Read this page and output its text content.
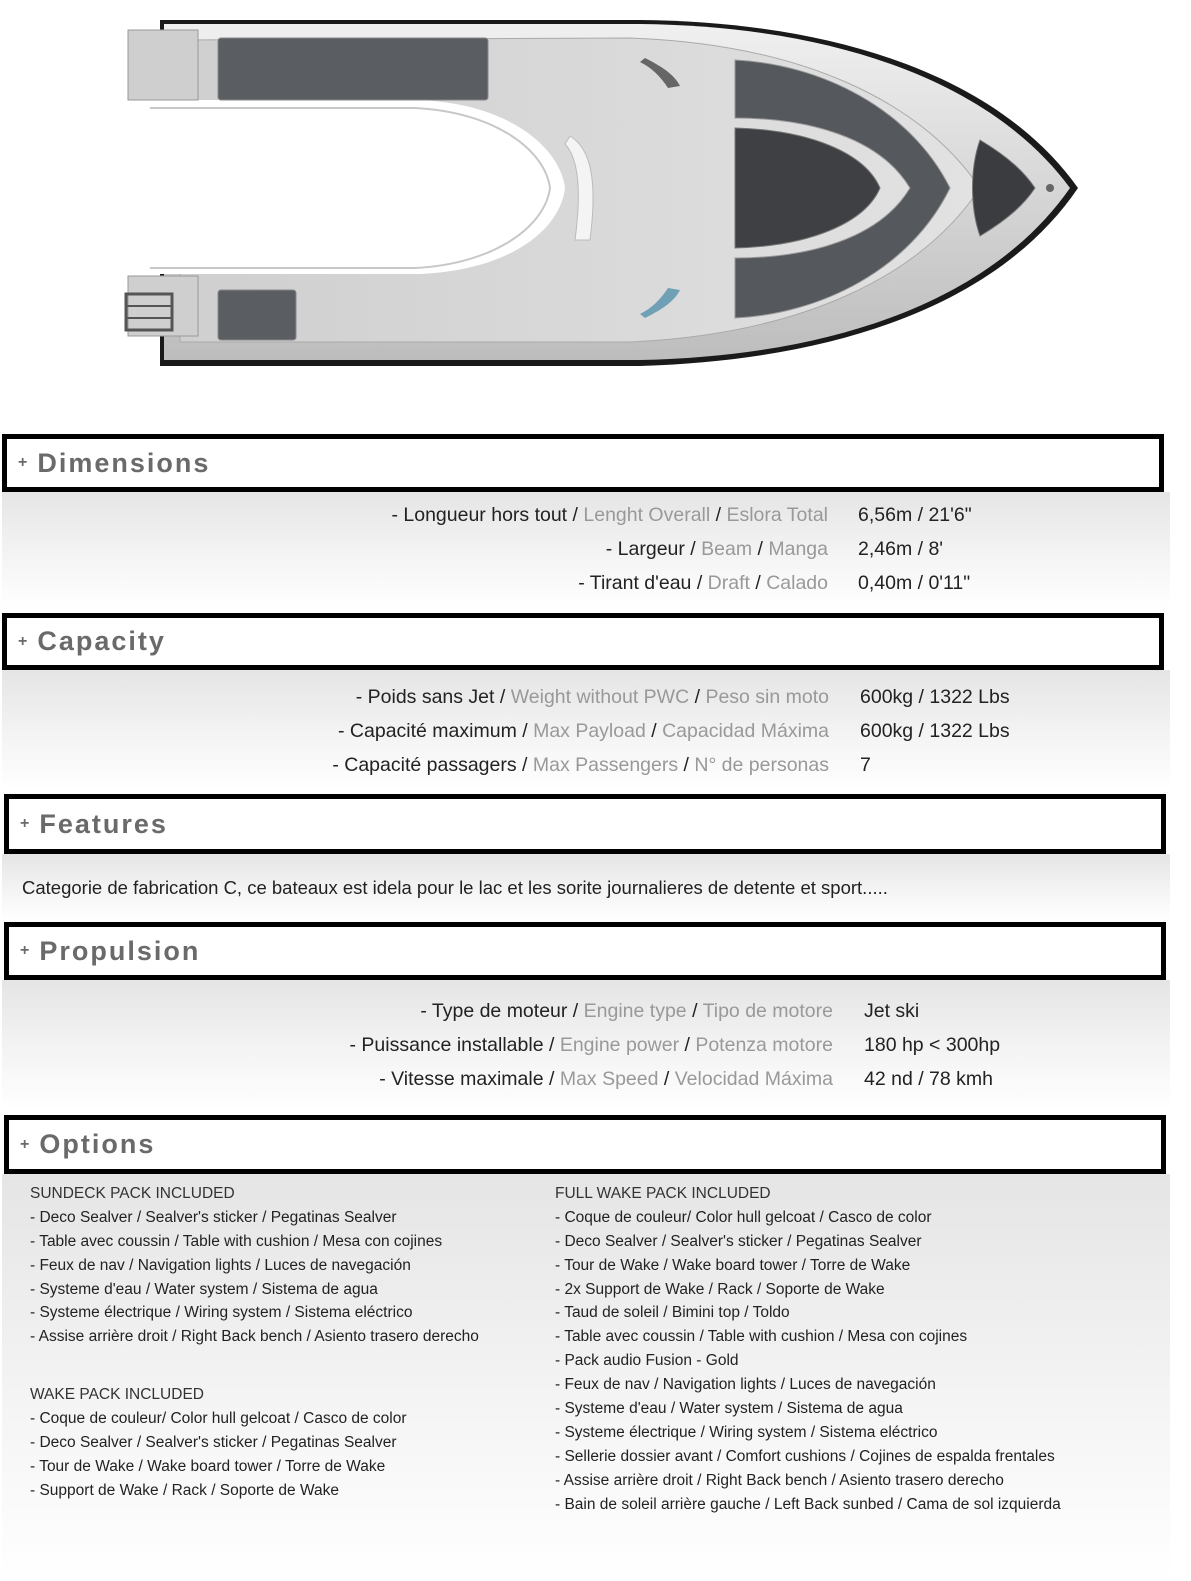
+ Dimensions
- Longueur hors tout / Lenght Overall / Eslora Total 6,56m / 21'6"
- Largeur / Beam / Manga 2,46m / 8'
- Tirant d'eau / Draft / Calado 0,40m / 0'11"
+ Capacity
- Poids sans Jet / Weight without PWC / Peso sin moto 600kg / 1322 Lbs
- Capacité maximum / Max Payload / Capacidad Máxima 600kg / 1322 Lbs
- Capacité passagers / Max Passengers / N° de personas 7
+ Features
Categorie de fabrication C, ce bateaux est idela pour le lac et les sorite journalieres de detente et sport.....
+ Propulsion
- Type de moteur / Engine type / Tipo de motore Jet ski
- Puissance installable / Engine power / Potenza motore 180 hp < 300hp
- Vitesse maximale / Max Speed / Velocidad Máxima 42 nd / 78 kmh
+ Options
SUNDECK PACK INCLUDED
- Deco Sealver / Sealver's sticker / Pegatinas Sealver
- Table avec coussin / Table with cushion / Mesa con cojines
- Feux de nav / Navigation lights / Luces de navegación
- Systeme d'eau / Water system / Sistema de agua
- Systeme électrique / Wiring system / Sistema eléctrico
- Assise arrière droit / Right Back bench / Asiento trasero derecho
WAKE PACK INCLUDED
- Coque de couleur/ Color hull gelcoat / Casco de color
- Deco Sealver / Sealver's sticker / Pegatinas Sealver
- Tour de Wake / Wake board tower / Torre de Wake
- Support de Wake / Rack / Soporte de Wake
FULL WAKE PACK INCLUDED
- Coque de couleur/ Color hull gelcoat / Casco de color
- Deco Sealver / Sealver's sticker / Pegatinas Sealver
- Tour de Wake / Wake board tower / Torre de Wake
- 2x Support de Wake / Rack / Soporte de Wake
- Taud de soleil / Bimini top / Toldo
- Table avec coussin / Table with cushion / Mesa con cojines
- Pack audio Fusion - Gold
- Feux de nav / Navigation lights / Luces de navegación
- Systeme d'eau / Water system / Sistema de agua
- Systeme électrique / Wiring system / Sistema eléctrico
- Sellerie dossier avant / Comfort cushions / Cojines de espalda frentales
- Assise arrière droit / Right Back bench / Asiento trasero derecho
- Bain de soleil arrière gauche / Left Back sunbed / Cama de sol izquierda
